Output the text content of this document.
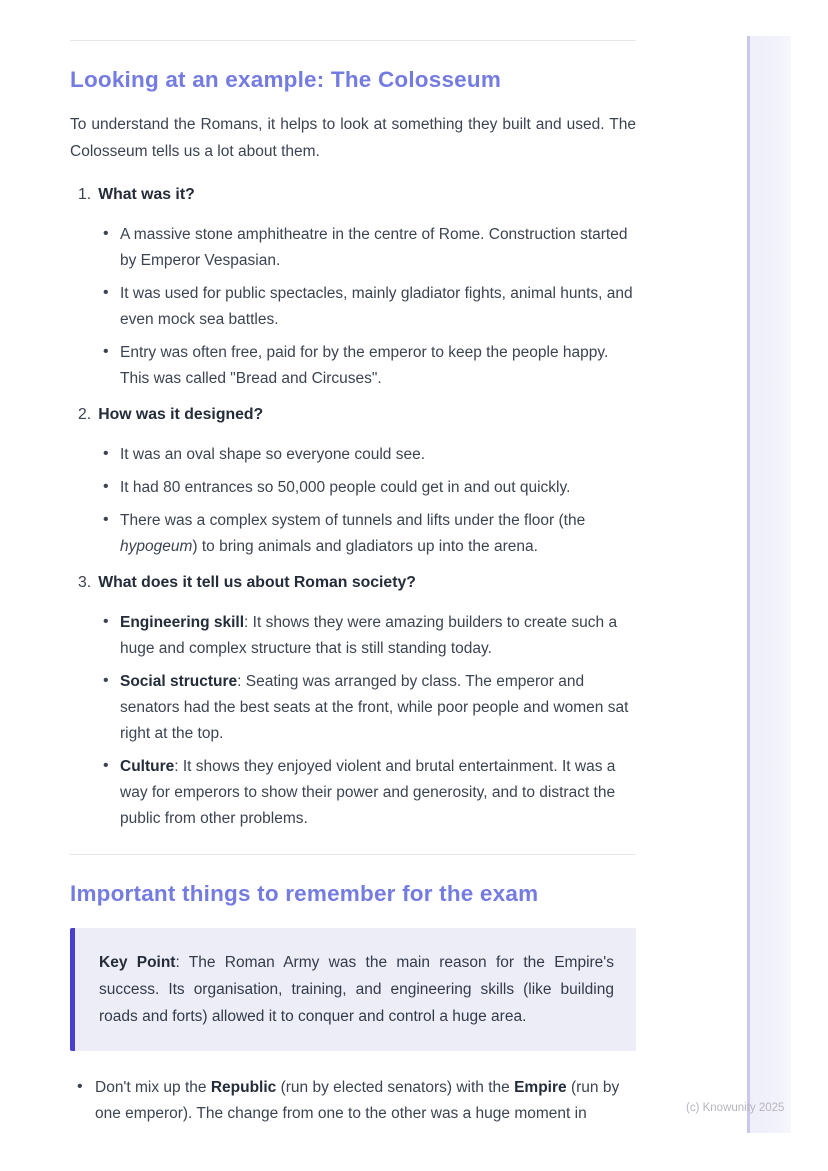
Looking at an example: The Colosseum

To understand the Romans, it helps to look at something they built and used. The Colosseum tells us a lot about them.

1. What was it?
• A massive stone amphitheatre in the centre of Rome. Construction started by Emperor Vespasian.
• It was used for public spectacles, mainly gladiator fights, animal hunts, and even mock sea battles.
• Entry was often free, paid for by the emperor to keep the people happy. This was called "Bread and Circuses".
2. How was it designed?
• It was an oval shape so everyone could see.
• It had 80 entrances so 50,000 people could get in and out quickly.
• There was a complex system of tunnels and lifts under the floor (the hypogeum) to bring animals and gladiators up into the arena.
3. What does it tell us about Roman society?
• Engineering skill: It shows they were amazing builders to create such a huge and complex structure that is still standing today.
• Social structure: Seating was arranged by class. The emperor and senators had the best seats at the front, while poor people and women sat right at the top.
• Culture: It shows they enjoyed violent and brutal entertainment. It was a way for emperors to show their power and generosity, and to distract the public from other problems.
Important things to remember for the exam
Key Point: The Roman Army was the main reason for the Empire's success. Its organisation, training, and engineering skills (like building roads and forts) allowed it to conquer and control a huge area.
• Don't mix up the Republic (run by elected senators) with the Empire (run by one emperor). The change from one to the other was a huge moment in	(c) Knowunity 2025
